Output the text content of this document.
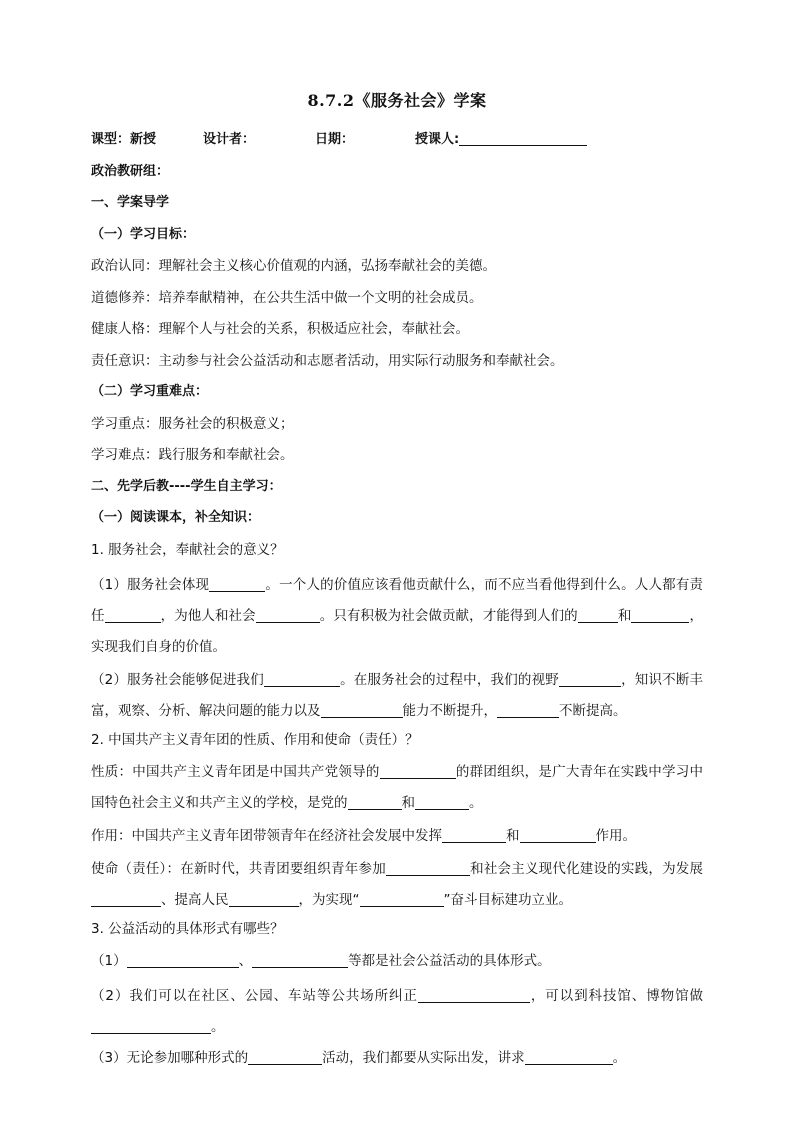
8.7.2《服务社会》学案
课型：新授	设计者：	日期：	授课人:
政治教研组：
一、学案导学
（一）学习目标：
政治认同：理解社会主义核心价值观的内涵，弘扬奉献社会的美德。
道德修养：培养奉献精神，在公共生活中做一个文明的社会成员。
健康人格：理解个人与社会的关系，积极适应社会，奉献社会。
责任意识：主动参与社会公益活动和志愿者活动，用实际行动服务和奉献社会。
（二）学习重难点：
学习重点：服务社会的积极意义；
学习难点：践行服务和奉献社会。
二、先学后教----学生自主学习：
（一）阅读课本，补全知识：
1. 服务社会，奉献社会的意义？

（1）服务社会体现	。一个人的价值应该看他贡献什么，而不应当看他得到什么。人人都有责任	，为他人和社会	。只有积极为社会做贡献，才能得到人们的	和	，实现我们自身的价值。

（2）服务社会能够促进我们	。在服务社会的过程中，我们的视野	，知识不断丰富，观察、分析、解决问题的能力以及	能力不断提升，	不断提高。

2. 中国共产主义青年团的性质、作用和使命（责任）？

性质：中国共产主义青年团是中国共产党领导的	的群团组织，是广大青年在实践中学习中国特色社会主义和共产主义的学校，是党的	和	。

作用：中国共产主义青年团带领青年在经济社会发展中发挥	和	作用。

使命（责任）：在新时代，共青团要组织青年参加	和社会主义现代化建设的实践，为发展、提高人民	，为实现“	”奋斗目标建功立业。

3. 公益活动的具体形式有哪些？
（1）	、	等都是社会公益活动的具体形式。

（2）我们可以在社区、公园、车站等公共场所纠正	，可以到科技馆、博物馆做。

（3）无论参加哪种形式的	活动，我们都要从实际出发，讲求	。
